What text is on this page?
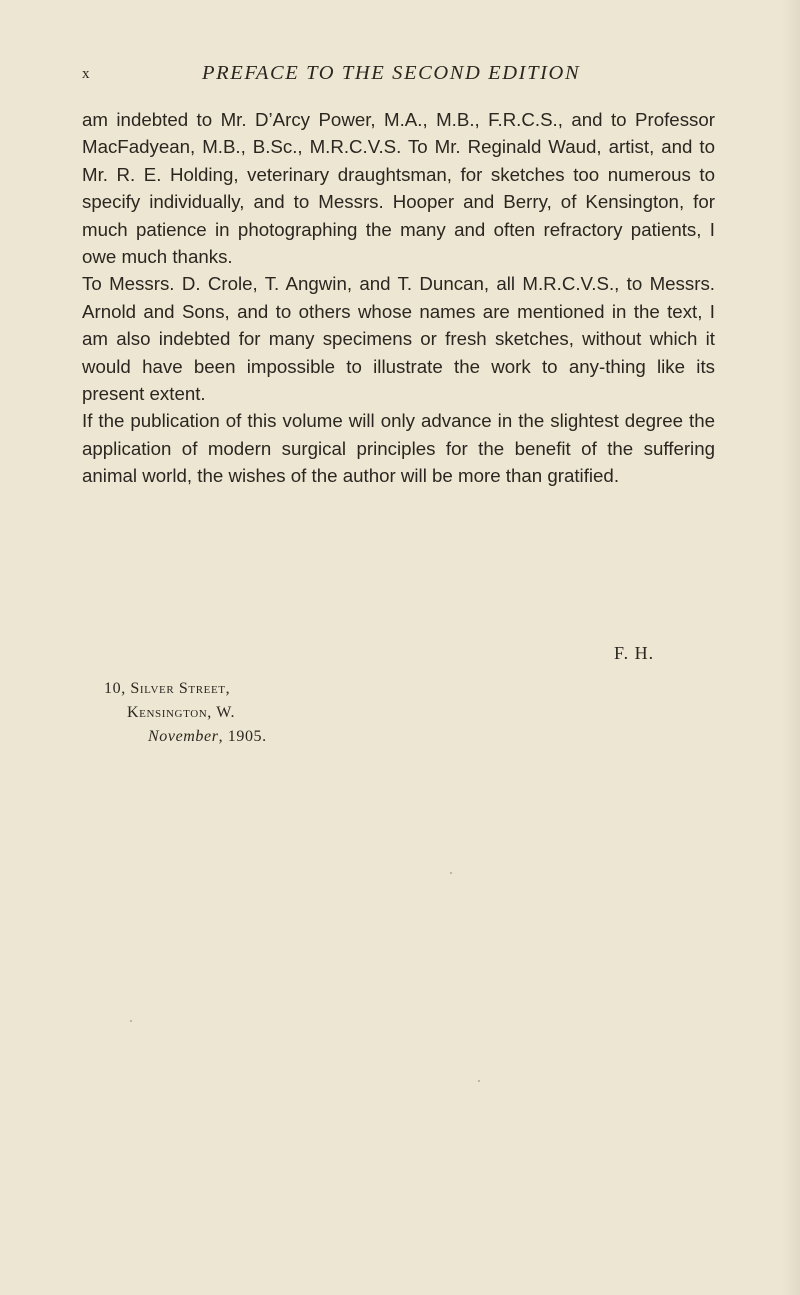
x	PREFACE TO THE SECOND EDITION

am indebted to Mr. D’Arcy Power, M.A., M.B., F.R.C.S., and to Professor MacFadyean, M.B., B.Sc., M.R.C.V.S. To Mr. Reginald Waud, artist, and to Mr. R. E. Holding, veterinary draughtsman, for sketches too numerous to specify individually, and to Messrs. Hooper and Berry, of Kensington, for much patience in photographing the many and often refractory patients, I owe much thanks.

To Messrs. D. Crole, T. Angwin, and T. Duncan, all M.R.C.V.S., to Messrs. Arnold and Sons, and to others whose names are mentioned in the text, I am also indebted for many specimens or fresh sketches, without which it would have been impossible to illustrate the work to any-thing like its present extent.

If the publication of this volume will only advance in the slightest degree the application of modern surgical principles for the benefit of the suffering animal world, the wishes of the author will be more than gratified.

F. H.
10, Silver Street,
Kensington, W.
November, 1905.
